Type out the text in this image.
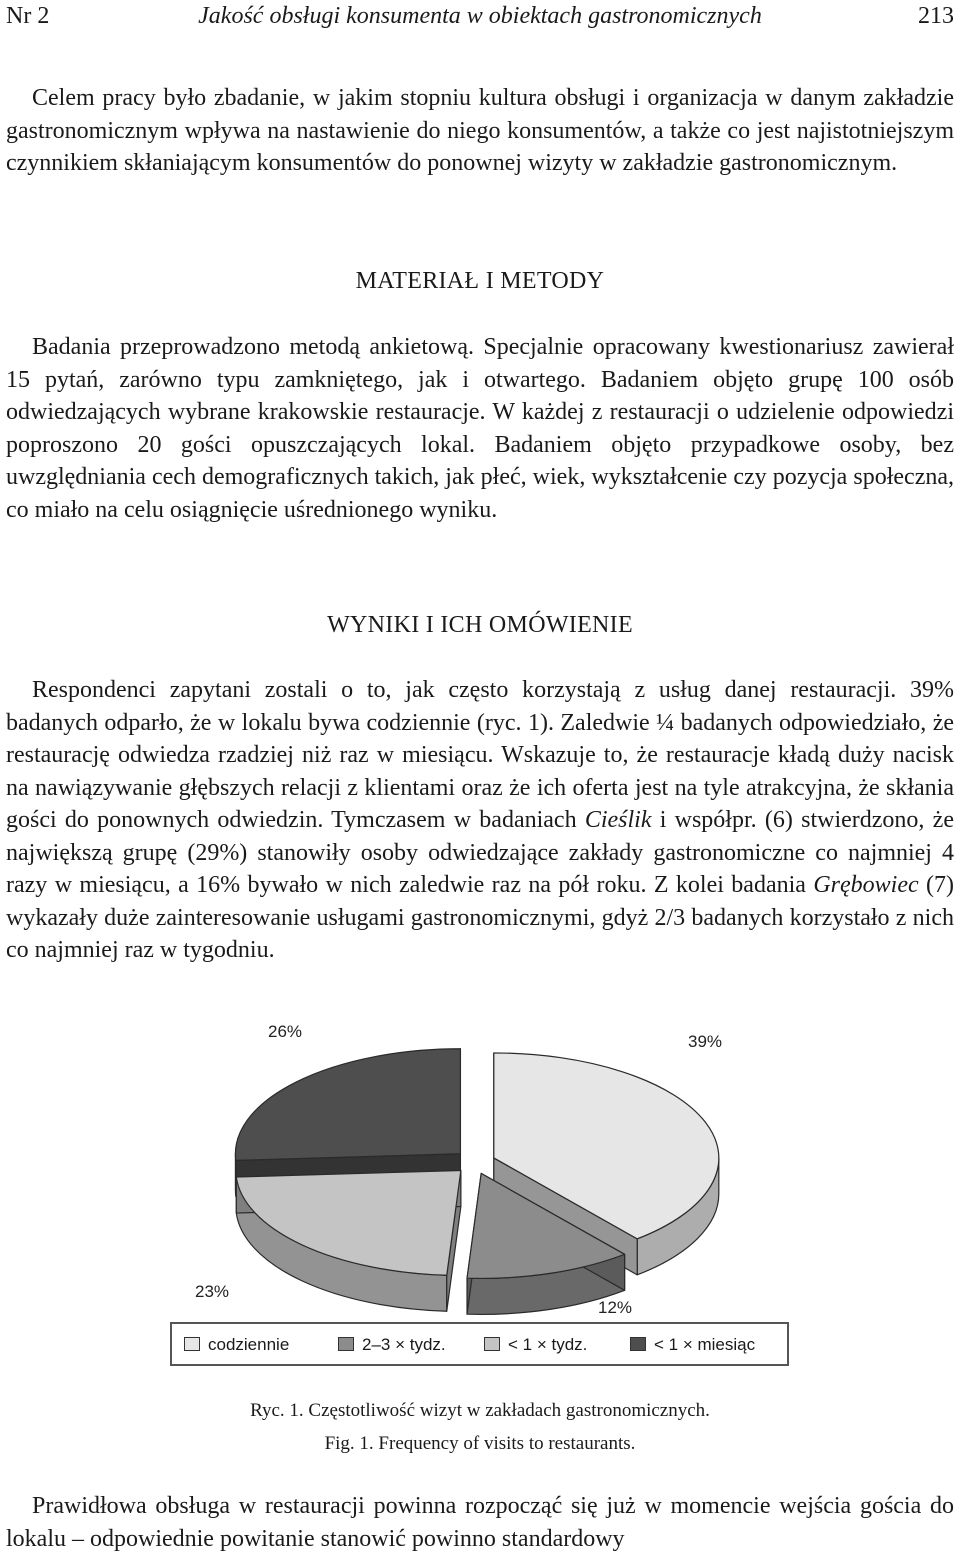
Nr 2	Jakość obsługi konsumenta w obiektach gastronomicznych	213

Celem pracy było zbadanie, w jakim stopniu kultura obsługi i organizacja w danym zakładzie gastronomicznym wpływa na nastawienie do niego konsumentów, a także co jest najistotniejszym czynnikiem skłaniającym konsumentów do ponownej wizyty w zakładzie gastronomicznym.

MATERIAŁ I METODY

Badania przeprowadzono metodą ankietową. Specjalnie opracowany kwestionariusz zawierał 15 pytań, zarówno typu zamkniętego, jak i otwartego. Badaniem objęto grupę 100 osób odwiedzających wybrane krakowskie restauracje. W każdej z restauracji o udzielenie odpowiedzi poproszono 20 gości opuszczających lokal. Badaniem objęto przypadkowe osoby, bez uwzględniania cech demograficznych takich, jak płeć, wiek, wykształcenie czy pozycja społeczna, co miało na celu osiągnięcie uśrednionego wyniku.

WYNIKI I ICH OMÓWIENIE

Respondenci zapytani zostali o to, jak często korzystają z usług danej restauracji. 39% badanych odparło, że w lokalu bywa codziennie (ryc. 1). Zaledwie ¼ badanych odpowiedziało, że restaurację odwiedza rzadziej niż raz w miesiącu. Wskazuje to, że restauracje kładą duży nacisk na nawiązywanie głębszych relacji z klientami oraz że ich oferta jest na tyle atrakcyjna, że skłania gości do ponownych odwiedzin. Tymczasem w badaniach Cieślik i współpr. (6) stwierdzono, że największą grupę (29%) stanowiły osoby odwiedzające zakłady gastronomiczne co najmniej 4 razy w miesiącu, a 16% bywało w nich zaledwie raz na pół roku. Z kolei badania Grębowiec (7) wykazały duże zainteresowanie usługami gastronomicznymi, gdyż 2/3 badanych korzystało z nich co najmniej raz w tygodniu.

39%
12%
23%
26%
codziennie	2–3 × tydz.	< 1 × tydz.	< 1 × miesiąc
Ryc. 1. Częstotliwość wizyt w zakładach gastronomicznych.
Fig. 1. Frequency of visits to restaurants.

Prawidłowa obsługa w restauracji powinna rozpocząć się już w momencie wejścia gościa do lokalu – odpowiednie powitanie stanowić powinno standardowy
